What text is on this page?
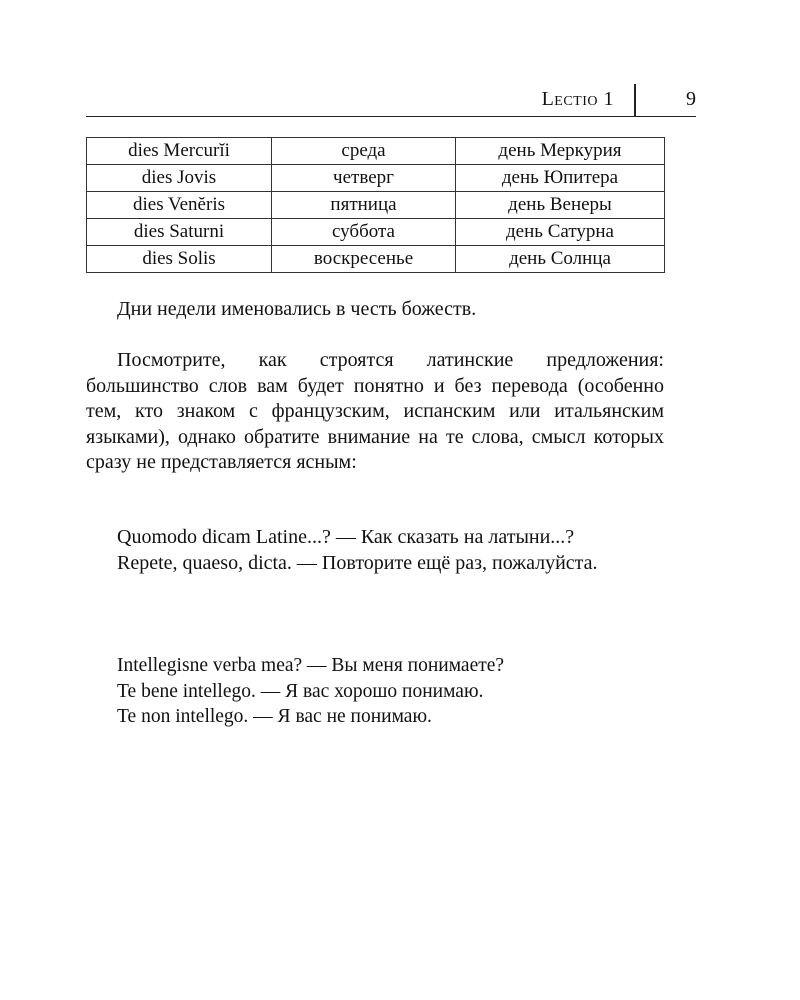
Lectio 1	9
dies Mercurĭi	среда	день Меркурия
dies Jovis	четверг	день Юпитера
dies Venĕris	пятница	день Венеры
dies Saturni	суббота	день Сатурна
dies Solis	воскресенье	день Солнца

Дни недели именовались в честь божеств.

Посмотрите, как строятся латинские предложения: большинство слов вам будет понятно и без перевода (особенно тем, кто знаком с французским, испанским или итальянским языками), однако обратите внимание на те слова, смысл которых сразу не представляется ясным:

Quomodo dicam Latine...? — Как сказать на латыни...?

Repete, quaeso, dicta. — Повторите ещё раз, пожалуйста.

Intellegisne verba mea? — Вы меня понимаете?

Te bene intellego. — Я вас хорошо понимаю.

Te non intellego. — Я вас не понимаю.
